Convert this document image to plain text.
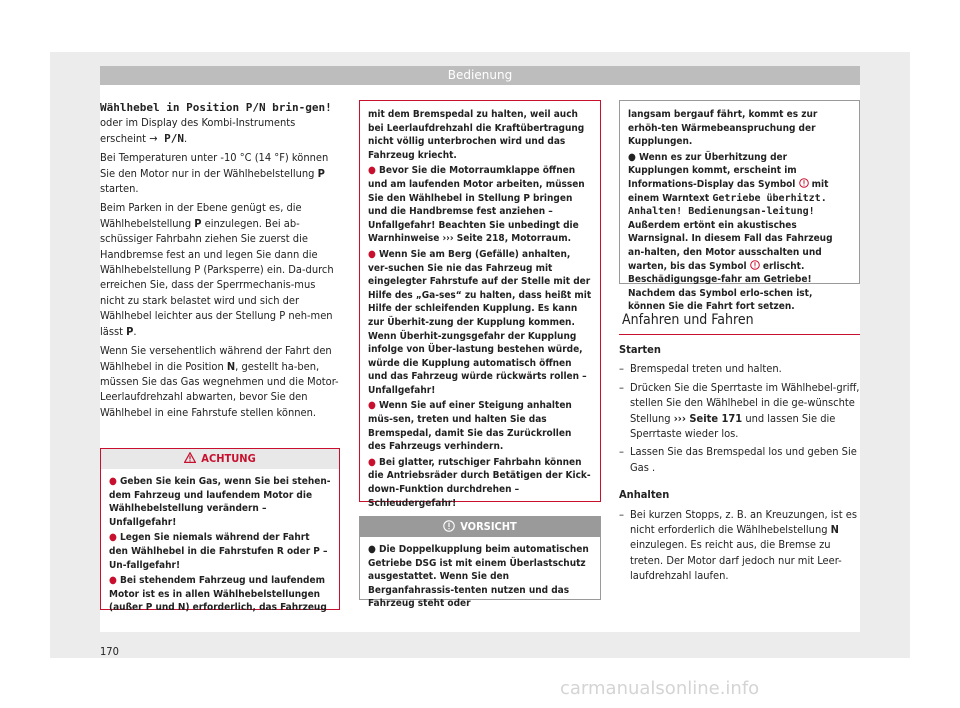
Bedienung

Wählhebel in Position P/N brin-gen! oder im Display des Kombi-Instruments erscheint → P/N.

Bei Temperaturen unter -10 °C (14 °F) können Sie den Motor nur in der Wählhebelstellung P starten.

Beim Parken in der Ebene genügt es, die Wählhebelstellung P einzulegen. Bei ab-schüssiger Fahrbahn ziehen Sie zuerst die Handbremse fest an und legen Sie dann die Wählhebelstellung P (Parksperre) ein. Da-durch erreichen Sie, dass der Sperrmechanis-mus nicht zu stark belastet wird und sich der Wählhebel leichter aus der Stellung P neh-men lässt P.

Wenn Sie versehentlich während der Fahrt den Wählhebel in die Position N, gestellt ha-ben, müssen Sie das Gas wegnehmen und die Motor-Leerlaufdrehzahl abwarten, bevor Sie den Wählhebel in eine Fahrstufe stellen können.

ACHTUNG

● Geben Sie kein Gas, wenn Sie bei stehen-dem Fahrzeug und laufendem Motor die Wählhebelstellung verändern – Unfallgefahr!

● Legen Sie niemals während der Fahrt den Wählhebel in die Fahrstufen R oder P – Un-fallgefahr!

● Bei stehendem Fahrzeug und laufendem Motor ist es in allen Wählhebelstellungen (außer P und N) erforderlich, das Fahrzeug

mit dem Bremspedal zu halten, weil auch bei Leerlaufdrehzahl die Kraftübertragung nicht völlig unterbrochen wird und das Fahrzeug kriecht.

● Bevor Sie die Motorraumklappe öffnen und am laufenden Motor arbeiten, müssen Sie den Wählhebel in Stellung P bringen und die Handbremse fest anziehen – Unfallgefahr! Beachten Sie unbedingt die Warnhinweise ››› Seite 218, Motorraum.

● Wenn Sie am Berg (Gefälle) anhalten, ver-suchen Sie nie das Fahrzeug mit eingelegter Fahrstufe auf der Stelle mit der Hilfe des „Ga-ses“ zu halten, dass heißt mit Hilfe der schleifenden Kupplung. Es kann zur Überhit-zung der Kupplung kommen. Wenn Überhit-zungsgefahr der Kupplung infolge von Über-lastung bestehen würde, würde die Kupplung automatisch öffnen und das Fahrzeug würde rückwärts rollen – Unfallgefahr!

● Wenn Sie auf einer Steigung anhalten müs-sen, treten und halten Sie das Bremspedal, damit Sie das Zurückrollen des Fahrzeugs verhindern.

● Bei glatter, rutschiger Fahrbahn können die Antriebsräder durch Betätigen der Kick-down-Funktion durchdrehen – Schleudergefahr!

VORSICHT

● Die Doppelkupplung beim automatischen Getriebe DSG ist mit einem Überlastschutz ausgestattet. Wenn Sie den Berganfahrassis-tenten nutzen und das Fahrzeug steht oder

langsam bergauf fährt, kommt es zur erhöh-ten Wärmebeanspruchung der Kupplungen.

● Wenn es zur Überhitzung der Kupplungen kommt, erscheint im Informations-Display das Symbol  mit einem Warntext Getriebe überhitzt. Anhalten! Bedienungsan-leitung! Außerdem ertönt ein akustisches Warnsignal. In diesem Fall das Fahrzeug an-halten, den Motor ausschalten und warten, bis das Symbol  erlischt. Beschädigungsge-fahr am Getriebe! Nachdem das Symbol erlo-schen ist, können Sie die Fahrt fort setzen.

Anfahren und Fahren

Starten

– Bremspedal treten und halten.
– Drücken Sie die Sperrtaste im Wählhebel-griff, stellen Sie den Wählhebel in die ge-wünschte Stellung ››› Seite 171 und lassen Sie die Sperrtaste wieder los.
– Lassen Sie das Bremspedal los und geben Sie Gas .

Anhalten

– Bei kurzen Stopps, z. B. an Kreuzungen, ist es nicht erforderlich die Wählhebelstellung N einzulegen. Es reicht aus, die Bremse zu treten. Der Motor darf jedoch nur mit Leer-laufdrehzahl laufen.
170
carmanualsonline.info
